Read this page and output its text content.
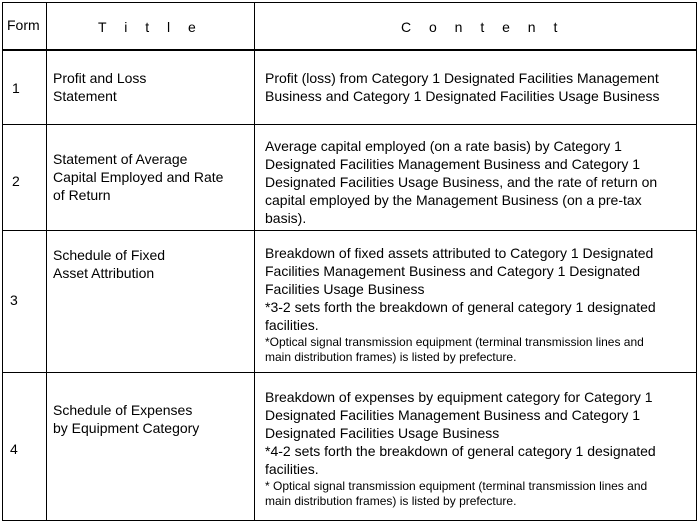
Form	T i t l e	C o n t e n t
1

Profit and Loss

Statement

Profit (loss) from Category 1 Designated Facilities Management

Business and Category 1 Designated Facilities Usage Business

2

Statement of Average

Capital Employed and Rate

of Return

Average capital employed (on a rate basis) by Category 1

Designated Facilities Management Business and Category 1

Designated Facilities Usage Business, and the rate of return on

capital employed by the Management Business (on a pre-tax

basis).

3

Schedule of Fixed

Asset Attribution

Breakdown of fixed assets attributed to Category 1 Designated

Facilities Management Business and Category 1 Designated

Facilities Usage Business

*3-2 sets forth the breakdown of general category 1 designated

facilities.

*Optical signal transmission equipment (terminal transmission lines and

main distribution frames) is listed by prefecture.

4

Schedule of Expenses

by Equipment Category

Breakdown of expenses by equipment category for Category 1

Designated Facilities Management Business and Category 1

Designated Facilities Usage Business

*4-2 sets forth the breakdown of general category 1 designated

facilities.

* Optical signal transmission equipment (terminal transmission lines and

main distribution frames) is listed by prefecture.
